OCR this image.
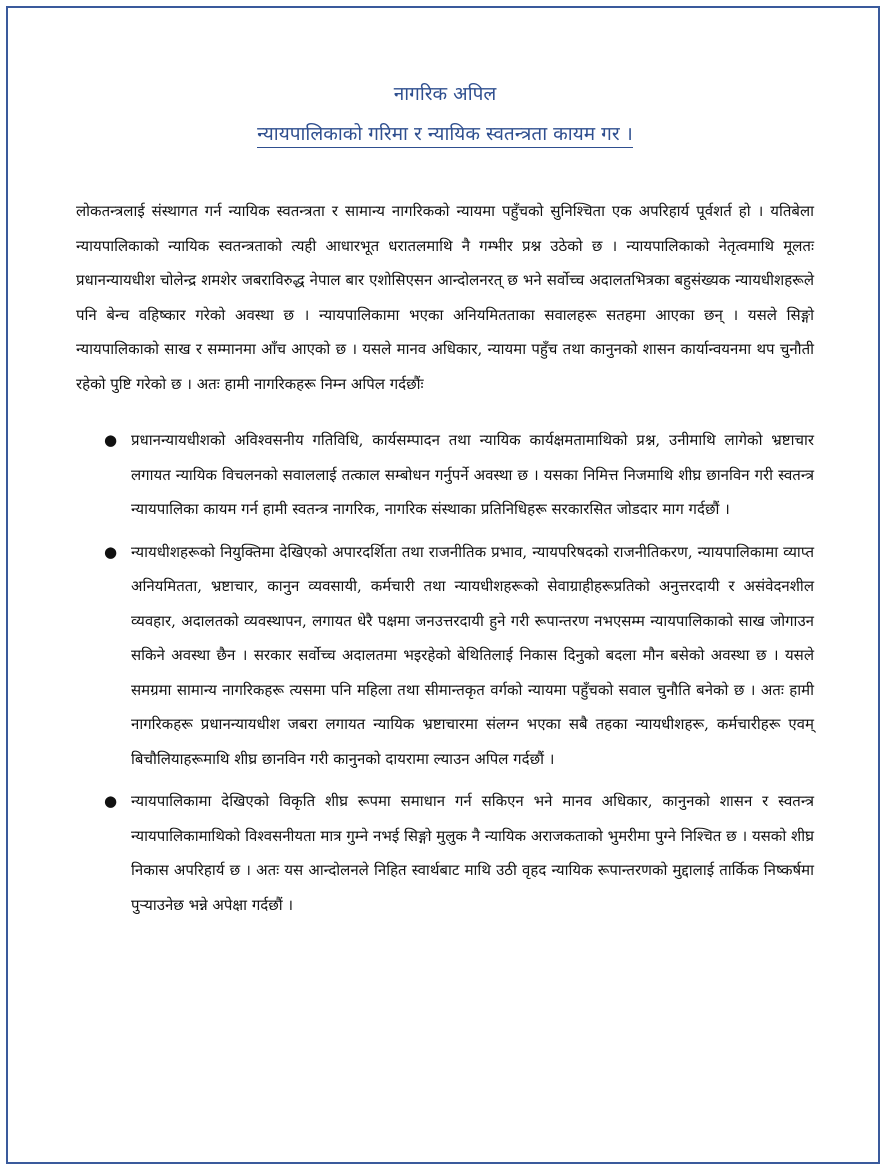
नागरिक अपिल
न्यायपालिकाको गरिमा र न्यायिक स्वतन्त्रता कायम गर ।

लोकतन्त्रलाई संस्थागत गर्न न्यायिक स्वतन्त्रता र सामान्य नागरिकको न्यायमा पहुँचको सुनिश्चिता एक अपरिहार्य पूर्वशर्त हो । यतिबेला न्यायपालिकाको न्यायिक स्वतन्त्रताको त्यही आधारभूत धरातलमाथि नै गम्भीर प्रश्न उठेको छ । न्यायपालिकाको नेतृत्वमाथि मूलतः प्रधानन्यायधीश चोलेन्द्र शमशेर जबराविरुद्ध नेपाल बार एशोसिएसन आन्दोलनरत् छ भने सर्वोच्च अदालतभित्रका बहुसंख्यक न्यायधीशहरूले पनि बेन्च वहिष्कार गरेको अवस्था छ । न्यायपालिकामा भएका अनियमितताका सवालहरू सतहमा आएका छन् । यसले सिङ्गो न्यायपालिकाको साख र सम्मानमा आँच आएको छ । यसले मानव अधिकार, न्यायमा पहुँच तथा कानुनको शासन कार्यान्वयनमा थप चुनौती रहेको पुष्टि गरेको छ । अतः हामी नागरिकहरू निम्न अपिल गर्दछौंः

● प्रधानन्यायधीशको अविश्वसनीय गतिविधि, कार्यसम्पादन तथा न्यायिक कार्यक्षमतामाथिको प्रश्न, उनीमाथि लागेको भ्रष्टाचार लगायत न्यायिक विचलनको सवाललाई तत्काल सम्बोधन गर्नुपर्ने अवस्था छ । यसका निमित्त निजमाथि शीघ्र छानविन गरी स्वतन्त्र न्यायपालिका कायम गर्न हामी स्वतन्त्र नागरिक, नागरिक संस्थाका प्रतिनिधिहरू सरकारसित जोडदार माग गर्दछौं ।
● न्यायधीशहरूको नियुक्तिमा देखिएको अपारदर्शिता तथा राजनीतिक प्रभाव, न्यायपरिषदको राजनीतिकरण, न्यायपालिकामा व्याप्त अनियमितता, भ्रष्टाचार, कानुन व्यवसायी, कर्मचारी तथा न्यायधीशहरूको सेवाग्राहीहरूप्रतिको अनुत्तरदायी र असंवेदनशील व्यवहार, अदालतको व्यवस्थापन, लगायत धेरै पक्षमा जनउत्तरदायी हुने गरी रूपान्तरण नभएसम्म न्यायपालिकाको साख जोगाउन सकिने अवस्था छैन । सरकार सर्वोच्च अदालतमा भइरहेको बेथितिलाई निकास दिनुको बदला मौन बसेको अवस्था छ । यसले समग्रमा सामान्य नागरिकहरू त्यसमा पनि महिला तथा सीमान्तकृत वर्गको न्यायमा पहुँचको सवाल चुनौति बनेको छ । अतः हामी नागरिकहरू प्रधानन्यायधीश जबरा लगायत न्यायिक भ्रष्टाचारमा संलग्न भएका सबै तहका न्यायधीशहरू, कर्मचारीहरू एवम् बिचौलियाहरूमाथि शीघ्र छानविन गरी कानुनको दायरामा ल्याउन अपिल गर्दछौं ।
● न्यायपालिकामा देखिएको विकृति शीघ्र रूपमा समाधान गर्न सकिएन भने मानव अधिकार, कानुनको शासन र स्वतन्त्र न्यायपालिकामाथिको विश्वसनीयता मात्र गुम्ने नभई सिङ्गो मुलुक नै न्यायिक अराजकताको भुमरीमा पुग्ने निश्चित छ । यसको शीघ्र निकास अपरिहार्य छ । अतः यस आन्दोलनले निहित स्वार्थबाट माथि उठी वृहद न्यायिक रूपान्तरणको मुद्दालाई तार्किक निष्कर्षमा पुऱ्याउनेछ भन्ने अपेक्षा गर्दछौं ।
